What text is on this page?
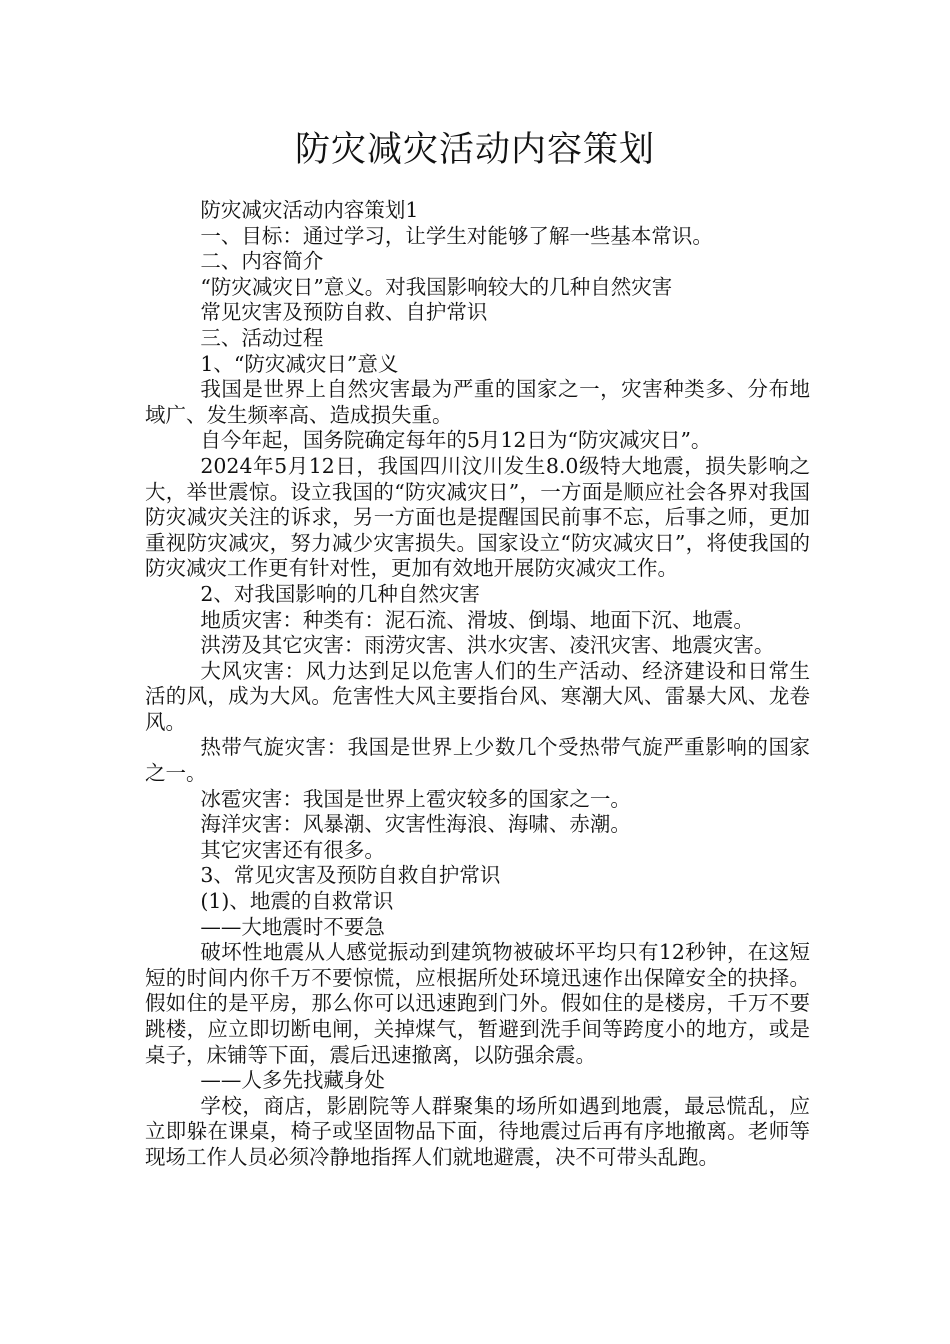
防灾减灾活动内容策划

防灾减灾活动内容策划1

一、目标：通过学习，让学生对能够了解一些基本常识。

二、内容简介

“防灾减灾日”意义。对我国影响较大的几种自然灾害

常见灾害及预防自救、自护常识

三、活动过程

1、“防灾减灾日”意义

我国是世界上自然灾害最为严重的国家之一，灾害种类多、分布地域广、发生频率高、造成损失重。

自今年起，国务院确定每年的5月12日为“防灾减灾日”。

2024年5月12日，我国四川汶川发生8.0级特大地震，损失影响之大，举世震惊。设立我国的“防灾减灾日”，一方面是顺应社会各界对我国防灾减灾关注的诉求，另一方面也是提醒国民前事不忘，后事之师，更加重视防灾减灾，努力减少灾害损失。国家设立“防灾减灾日”，将使我国的防灾减灾工作更有针对性，更加有效地开展防灾减灾工作。

2、对我国影响的几种自然灾害

地质灾害：种类有：泥石流、滑坡、倒塌、地面下沉、地震。

洪涝及其它灾害：雨涝灾害、洪水灾害、凌汛灾害、地震灾害。

大风灾害：风力达到足以危害人们的生产活动、经济建设和日常生活的风，成为大风。危害性大风主要指台风、寒潮大风、雷暴大风、龙卷风。

热带气旋灾害：我国是世界上少数几个受热带气旋严重影响的国家之一。

冰雹灾害：我国是世界上雹灾较多的国家之一。

海洋灾害：风暴潮、灾害性海浪、海啸、赤潮。

其它灾害还有很多。

3、常见灾害及预防自救自护常识

(1)、地震的自救常识

——大地震时不要急

破坏性地震从人感觉振动到建筑物被破坏平均只有12秒钟，在这短短的时间内你千万不要惊慌，应根据所处环境迅速作出保障安全的抉择。假如住的是平房，那么你可以迅速跑到门外。假如住的是楼房，千万不要跳楼，应立即切断电闸，关掉煤气，暂避到洗手间等跨度小的地方，或是桌子，床铺等下面，震后迅速撤离，以防强余震。

——人多先找藏身处

学校，商店，影剧院等人群聚集的场所如遇到地震，最忌慌乱，应立即躲在课桌，椅子或坚固物品下面，待地震过后再有序地撤离。老师等现场工作人员必须冷静地指挥人们就地避震，决不可带头乱跑。
